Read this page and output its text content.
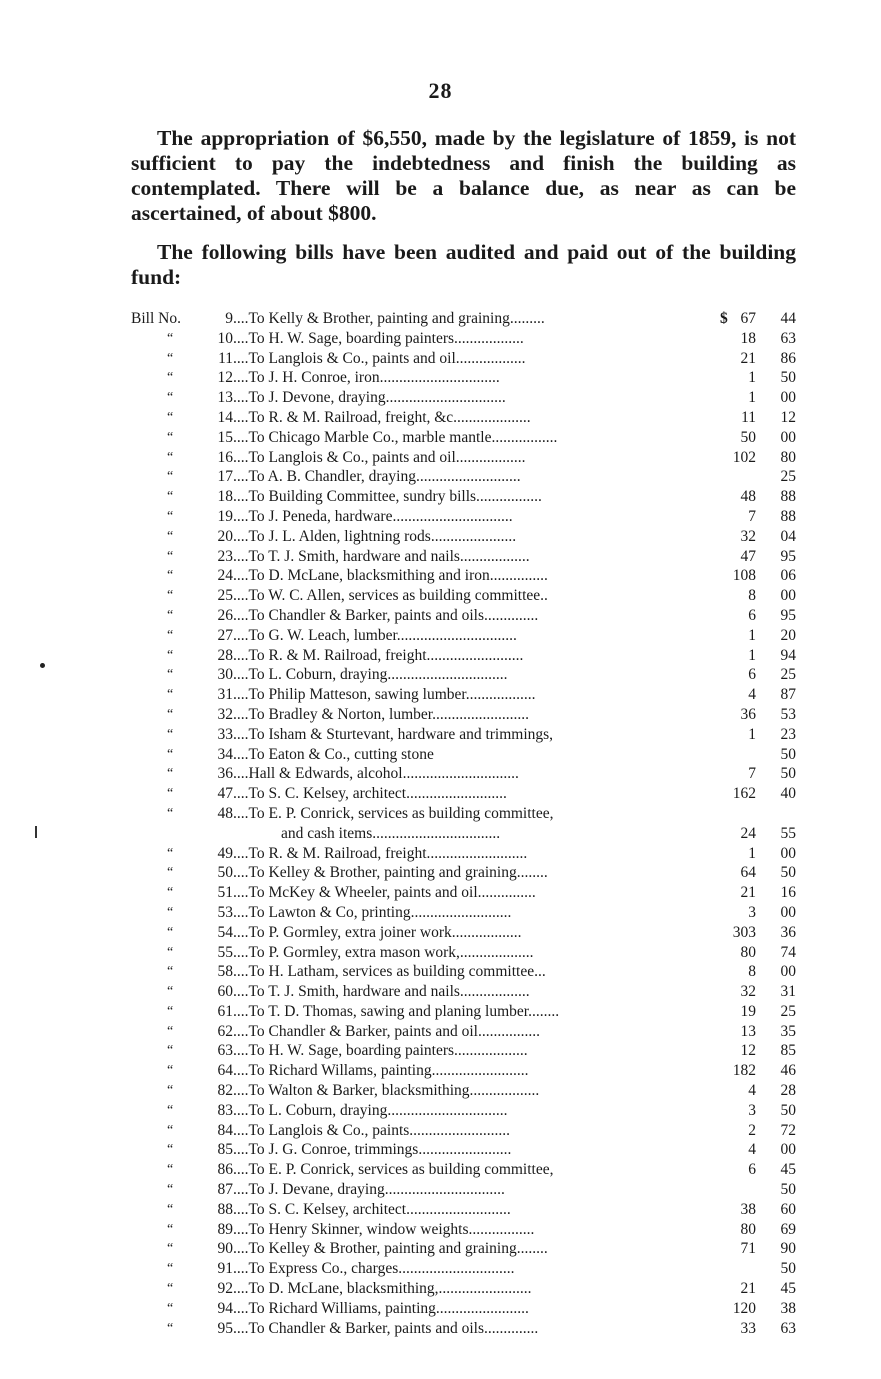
28

The appropriation of $6,550, made by the legislature of 1859, is not sufficient to pay the indebtedness and finish the building as contemplated. There will be a balance due, as near as can be ascertained, of about $800.

The following bills have been audited and paid out of the building fund:

Bill No.	9 ....To Kelly & Brother, painting and graining.........	$ 67 44
“	10 ....To H. W. Sage, boarding painters..................	18 63
“	11 ....To Langlois & Co., paints and oil..................	21 86
“	12 ....To J. H. Conroe, iron...............................	1 50
“	13 ....To J. Devone, draying...............................	1 00
“	14 ....To R. & M. Railroad, freight, &c....................	11 12
“	15 ....To Chicago Marble Co., marble mantle.................	50 00
“	16 ....To Langlois & Co., paints and oil..................	102 80
“	17 ....To A. B. Chandler, draying...........................	25
“	18 ....To Building Committee, sundry bills.................	48 88
“	19 ....To J. Peneda, hardware...............................	7 88
“	20 ....To J. L. Alden, lightning rods......................	32 04
“	23 ....To T. J. Smith, hardware and nails..................	47 95
“	24 ....To D. McLane, blacksmithing and iron...............	108 06
“	25 ....To W. C. Allen, services as building committee..	8 00
“	26 ....To Chandler & Barker, paints and oils..............	6 95
“	27 ....To G. W. Leach, lumber...............................	1 20
“	28 ....To R. & M. Railroad, freight.........................	1 94
“	30 ....To L. Coburn, draying...............................	6 25
“	31 ....To Philip Matteson, sawing lumber..................	4 87
“	32 ....To Bradley & Norton, lumber.........................	36 53
“	33 ....To Isham & Sturtevant, hardware and trimmings,	1 23
“	34 ....To Eaton & Co., cutting stone	50
“	36 ....Hall & Edwards, alcohol..............................	7 50
“	47 ....To S. C. Kelsey, architect..........................	162 40
“	48 ....To E. P. Conrick, services as building committee,
and cash items.................................	24 55
“	49 ....To R. & M. Railroad, freight..........................	1 00
“	50 ....To Kelley & Brother, painting and graining........	64 50
“	51 ....To McKey & Wheeler, paints and oil...............	21 16
“	53 ....To Lawton & Co, printing..........................	3 00
“	54 ....To P. Gormley, extra joiner work..................	303 36
“	55 ....To P. Gormley, extra mason work,...................	80 74
“	58 ....To H. Latham, services as building committee...	8 00
“	60 ....To T. J. Smith, hardware and nails..................	32 31
“	61 ....To T. D. Thomas, sawing and planing lumber........	19 25
“	62 ....To Chandler & Barker, paints and oil................	13 35
“	63 ....To H. W. Sage, boarding painters...................	12 85
“	64 ....To Richard Willams, painting.........................	182 46
“	82 ....To Walton & Barker, blacksmithing..................	4 28
“	83 ....To L. Coburn, draying...............................	3 50
“	84 ....To Langlois & Co., paints..........................	2 72
“	85 ....To J. G. Conroe, trimmings........................	4 00
“	86 ....To E. P. Conrick, services as building committee,	6 45
“	87 ....To J. Devane, draying...............................	50
“	88 ....To S. C. Kelsey, architect...........................	38 60
“	89 ....To Henry Skinner, window weights.................	80 69
“	90 ....To Kelley & Brother, painting and graining........	71 90
“	91 ....To Express Co., charges..............................	50
“	92 ....To D. McLane, blacksmithing,........................	21 45
“	94 ....To Richard Williams, painting........................	120 38
“	95 ....To Chandler & Barker, paints and oils..............	33 63
